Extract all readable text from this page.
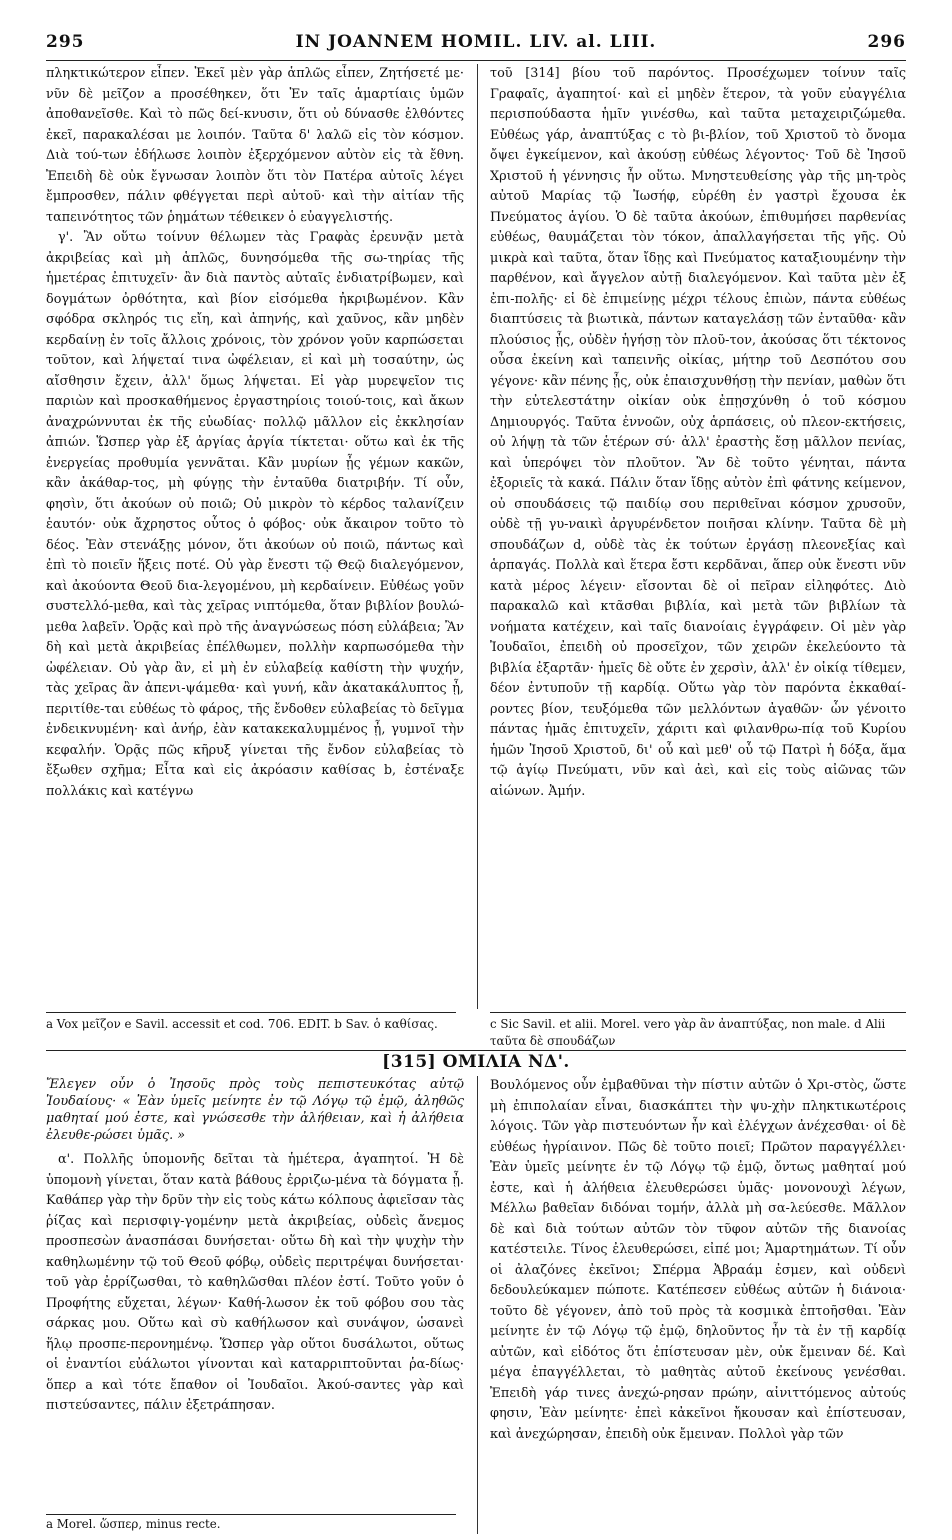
295	IN JOANNEM HOMIL. LIV. al. LIII.	296

πληκτικώτερον εἶπεν. Ἐκεῖ μὲν γὰρ ἁπλῶς εἶπεν, Ζητήσετέ με· νῦν δὲ μεῖζον a προσέθηκεν, ὅτι Ἐν ταῖς ἁμαρτίαις ὑμῶν ἀποθανεῖσθε. Καὶ τὸ πῶς δεί-κνυσιν, ὅτι οὐ δύνασθε ἐλθόντες ἐκεῖ, παρακαλέσαι με λοιπόν. Ταῦτα δ' λαλῶ εἰς τὸν κόσμον. Διὰ τού-των ἐδήλωσε λοιπὸν ἐξερχόμενον αὐτὸν εἰς τὰ ἔθνη. Ἐπειδὴ δὲ οὐκ ἔγνωσαν λοιπὸν ὅτι τὸν Πατέρα αὐτοῖς λέγει ἔμπροσθεν, πάλιν φθέγγεται περὶ αὐτοῦ· καὶ τὴν αἰτίαν τῆς ταπεινότητος τῶν ῥημάτων τέθεικεν ὁ εὐαγγελιστής.

γ'. Ἂν οὕτω τοίνυν θέλωμεν τὰς Γραφὰς ἐρευνᾷν μετὰ ἀκριβείας καὶ μὴ ἁπλῶς, δυνησόμεθα τῆς σω-τηρίας τῆς ἡμετέρας ἐπιτυχεῖν· ἂν διὰ παντὸς αὐταῖς ἐνδιατρίβωμεν, καὶ δογμάτων ὀρθότητα, καὶ βίον εἰσόμεθα ἠκριβωμένον. Κἂν σφόδρα σκληρός τις εἴη, καὶ ἀπηνής, καὶ χαῦνος, κἂν μηδὲν κερδαίνῃ ἐν τοῖς ἄλλοις χρόνοις, τὸν χρόνον γοῦν καρπώσεται τοῦτον, καὶ λήψεταί τινα ὠφέλειαν, εἰ καὶ μὴ τοσαύτην, ὡς αἴσθησιν ἔχειν, ἀλλ' ὅμως λήψεται. Εἰ γὰρ μυρεψεῖον τις παριὼν καὶ προσκαθήμενος ἐργαστηρίοις τοιού-τοις, καὶ ἄκων ἀναχρώννυται ἐκ τῆς εὐωδίας· πολλῷ μᾶλλον εἰς ἐκκλησίαν ἀπιών. Ὥσπερ γὰρ ἐξ ἀργίας ἀργία τίκτεται· οὕτω καὶ ἐκ τῆς ἐνεργείας προθυμία γεννᾶται. Κἂν μυρίων ᾖς γέμων κακῶν, κἂν ἀκάθαρ-τος, μὴ φύγῃς τὴν ἐνταῦθα διατριβήν. Τί οὖν, φησὶν, ὅτι ἀκούων οὐ ποιῶ; Οὐ μικρὸν τὸ κέρδος ταλανίζειν ἑαυτόν· οὐκ ἄχρηστος οὗτος ὁ φόβος· οὐκ ἄκαιρον τοῦτο τὸ δέος. Ἐὰν στενάξῃς μόνον, ὅτι ἀκούων οὐ ποιῶ, πάντως καὶ ἐπὶ τὸ ποιεῖν ἥξεις ποτέ. Οὐ γὰρ ἔνεστι τῷ Θεῷ διαλεγόμενον, καὶ ἀκούοντα Θεοῦ δια-λεγομένου, μὴ κερδαίνειν. Εὐθέως γοῦν συστελλό-μεθα, καὶ τὰς χεῖρας νιπτόμεθα, ὅταν βιβλίον βουλώ-μεθα λαβεῖν. Ὁρᾷς καὶ πρὸ τῆς ἀναγνώσεως πόση εὐλάβεια; Ἂν δὴ καὶ μετὰ ἀκριβείας ἐπέλθωμεν, πολλὴν καρπωσόμεθα τὴν ὠφέλειαν. Οὐ γὰρ ἂν, εἰ μὴ ἐν εὐλαβείᾳ καθίστη τὴν ψυχήν, τὰς χεῖρας ἂν ἀπενι-ψάμεθα· καὶ γυνή, κἂν ἀκατακάλυπτος ᾖ, περιτίθε-ται εὐθέως τὸ φάρος, τῆς ἔνδοθεν εὐλαβείας τὸ δεῖγμα ἐνδεικνυμένη· καὶ ἀνήρ, ἐὰν κατακεκαλυμμένος ᾖ, γυμνοῖ τὴν κεφαλήν. Ὁρᾷς πῶς κῆρυξ γίνεται τῆς ἔνδον εὐλαβείας τὸ ἔξωθεν σχῆμα; Εἶτα καὶ εἰς ἀκρόασιν καθίσας b, ἐστέναξε πολλάκις καὶ κατέγνω

τοῦ [314] βίου τοῦ παρόντος. Προσέχωμεν τοίνυν ταῖς Γραφαῖς, ἀγαπητοί· καὶ εἰ μηδὲν ἕτερον, τὰ γοῦν εὐαγγέλια περισπούδαστα ἡμῖν γινέσθω, καὶ ταῦτα μεταχειριζώμεθα. Εὐθέως γάρ, ἀναπτύξας c τὸ βι-βλίον, τοῦ Χριστοῦ τὸ ὄνομα ὄψει ἐγκείμενον, καὶ ἀκούσῃ εὐθέως λέγοντος· Τοῦ δὲ Ἰησοῦ Χριστοῦ ἡ γέννησις ἦν οὕτω. Μνηστευθείσης γὰρ τῆς μη-τρὸς αὐτοῦ Μαρίας τῷ Ἰωσήφ, εὑρέθη ἐν γαστρὶ ἔχουσα ἐκ Πνεύματος ἁγίου. Ὁ δὲ ταῦτα ἀκούων, ἐπιθυμήσει παρθενίας εὐθέως, θαυμάζεται τὸν τόκον, ἀπαλλαγήσεται τῆς γῆς. Οὐ μικρὰ καὶ ταῦτα, ὅταν ἴδῃς καὶ Πνεύματος καταξιουμένην τὴν παρθένον, καὶ ἄγγελον αὐτῇ διαλεγόμενον. Καὶ ταῦτα μὲν ἐξ ἐπι-πολῆς· εἰ δὲ ἐπιμείνῃς μέχρι τέλους ἐπιὼν, πάντα εὐθέως διαπτύσεις τὰ βιωτικὰ, πάντων καταγελάσῃ τῶν ἐνταῦθα· κἂν πλούσιος ᾖς, οὐδὲν ἡγήσῃ τὸν πλοῦ-τον, ἀκούσας ὅτι τέκτονος οὖσα ἐκείνη καὶ ταπεινῆς οἰκίας, μήτηρ τοῦ Δεσπότου σου γέγονε· κἂν πένης ᾖς, οὐκ ἐπαισχυνθήσῃ τὴν πενίαν, μαθὼν ὅτι τὴν εὐτελεστάτην οἰκίαν οὐκ ἐπῃσχύνθη ὁ τοῦ κόσμου Δημιουργός. Ταῦτα ἐννοῶν, οὐχ ἁρπάσεις, οὐ πλεον-εκτήσεις, οὐ λήψῃ τὰ τῶν ἑτέρων σύ· ἀλλ' ἐραστὴς ἔσῃ μᾶλλον πενίας, καὶ ὑπερόψει τὸν πλοῦτον. Ἂν δὲ τοῦτο γένηται, πάντα ἐξοριεῖς τὰ κακά. Πάλιν ὅταν ἴδῃς αὐτὸν ἐπὶ φάτνης κείμενον, οὐ σπουδάσεις τῷ παιδίῳ σου περιθεῖναι κόσμον χρυσοῦν, οὐδὲ τῇ γυ-ναικὶ ἀργυρένδετον ποιῆσαι κλίνην. Ταῦτα δὲ μὴ σπουδάζων d, οὐδὲ τὰς ἐκ τούτων ἐργάσῃ πλεονεξίας καὶ ἁρπαγάς. Πολλὰ καὶ ἕτερα ἔστι κερδᾶναι, ἅπερ οὐκ ἔνεστι νῦν κατὰ μέρος λέγειν· εἴσονται δὲ οἱ πεῖραν εἰληφότες. Διὸ παρακαλῶ καὶ κτᾶσθαι βιβλία, καὶ μετὰ τῶν βιβλίων τὰ νοήματα κατέχειν, καὶ ταῖς διανοίαις ἐγγράφειν. Οἱ μὲν γὰρ Ἰουδαῖοι, ἐπειδὴ οὐ προσεῖχον, τῶν χειρῶν ἐκελεύοντο τὰ βιβλία ἐξαρτᾶν· ἡμεῖς δὲ οὔτε ἐν χερσὶν, ἀλλ' ἐν οἰκίᾳ τίθεμεν, δέον ἐντυποῦν τῇ καρδίᾳ. Οὕτω γὰρ τὸν παρόντα ἐκκαθαί-ροντες βίον, τευξόμεθα τῶν μελλόντων ἀγαθῶν· ὧν γένοιτο πάντας ἡμᾶς ἐπιτυχεῖν, χάριτι καὶ φιλανθρω-πίᾳ τοῦ Κυρίου ἡμῶν Ἰησοῦ Χριστοῦ, δι' οὗ καὶ μεθ' οὗ τῷ Πατρὶ ἡ δόξα, ἅμα τῷ ἁγίῳ Πνεύματι, νῦν καὶ ἀεὶ, καὶ εἰς τοὺς αἰῶνας τῶν αἰώνων. Ἀμήν.

a Vox μεῖζον e Savil. accessit et cod. 706. EDIT. b Sav. ὁ καθίσας.	c Sic Savil. et alii. Morel. vero γὰρ ἂν ἀναπτύξας, non male. d Alii ταῦτα δὲ σπουδάζων

[315] ΟΜΙΛΙΑ ΝΔ'.

Ἔλεγεν οὖν ὁ Ἰησοῦς πρὸς τοὺς πεπιστευκότας αὐτῷ Ἰουδαίους· « Ἐὰν ὑμεῖς μείνητε ἐν τῷ Λόγῳ τῷ ἐμῷ, ἀληθῶς μαθηταί μού ἐστε, καὶ γνώσεσθε τὴν ἀλήθειαν, καὶ ἡ ἀλήθεια ἐλευθε-ρώσει ὑμᾶς. »

α'. Πολλῆς ὑπομονῆς δεῖται τὰ ἡμέτερα, ἀγαπητοί. Ἡ δὲ ὑπομονὴ γίνεται, ὅταν κατὰ βάθους ἐρριζω-μένα τὰ δόγματα ᾖ. Καθάπερ γὰρ τὴν δρῦν τὴν εἰς τοὺς κάτω κόλπους ἀφιεῖσαν τὰς ῥίζας καὶ περισφιγ-γομένην μετὰ ἀκριβείας, οὐδεὶς ἄνεμος προσπεσὼν ἀνασπάσαι δυνήσεται· οὕτω δὴ καὶ τὴν ψυχὴν τὴν καθηλωμένην τῷ τοῦ Θεοῦ φόβῳ, οὐδεὶς περιτρέψαι δυνήσεται· τοῦ γὰρ ἐρρίζωσθαι, τὸ καθηλῶσθαι πλέον ἐστί. Τοῦτο γοῦν ὁ Προφήτης εὔχεται, λέγων· Καθή-λωσον ἐκ τοῦ φόβου σου τὰς σάρκας μου. Οὕτω καὶ σὺ καθήλωσον καὶ συνάψον, ὡσανεὶ ἥλῳ προσπε-περονημένῳ. Ὥσπερ γὰρ οὕτοι δυσάλωτοι, οὕτως οἱ ἐναντίοι εὐάλωτοι γίνονται καὶ καταρριπτοῦνται ῥα-δίως· ὅπερ a καὶ τότε ἔπαθον οἱ Ἰουδαῖοι. Ἀκού-σαντες γὰρ καὶ πιστεύσαντες, πάλιν ἐξετράπησαν.

a Morel. ὥσπερ, minus recte.

Βουλόμενος οὖν ἐμβαθῦναι τὴν πίστιν αὐτῶν ὁ Χρι-στὸς, ὥστε μὴ ἐπιπολαίαν εἶναι, διασκάπτει τὴν ψυ-χὴν πληκτικωτέροις λόγοις. Τῶν γὰρ πιστευόντων ἦν καὶ ἐλέγχων ἀνέχεσθαι· οἱ δὲ εὐθέως ἠγρίαινον. Πῶς δὲ τοῦτο ποιεῖ; Πρῶτον παραγγέλλει· Ἐὰν ὑμεῖς μείνητε ἐν τῷ Λόγῳ τῷ ἐμῷ, ὄντως μαθηταί μού ἐστε, καὶ ἡ ἀλήθεια ἐλευθερώσει ὑμᾶς· μονονουχὶ λέγων, Μέλλω βαθεῖαν διδόναι τομήν, ἀλλὰ μὴ σα-λεύεσθε. Μᾶλλον δὲ καὶ διὰ τούτων αὐτῶν τὸν τῦφον αὐτῶν τῆς διανοίας κατέστειλε. Τίνος ἐλευθερώσει, εἰπέ μοι; Ἁμαρτημάτων. Τί οὖν οἱ ἀλαζόνες ἐκεῖνοι; Σπέρμα Ἀβραάμ ἐσμεν, καὶ οὐδενὶ δεδουλεύκαμεν πώποτε. Κατέπεσεν εὐθέως αὐτῶν ἡ διάνοια· τοῦτο δὲ γέγονεν, ἀπὸ τοῦ πρὸς τὰ κοσμικὰ ἐπτοῆσθαι. Ἐὰν μείνητε ἐν τῷ Λόγῳ τῷ ἐμῷ, δηλοῦντος ἦν τὰ ἐν τῇ καρδίᾳ αὐτῶν, καὶ εἰδότος ὅτι ἐπίστευσαν μὲν, οὐκ ἔμειναν δέ. Καὶ μέγα ἐπαγγέλλεται, τὸ μαθητὰς αὐτοῦ ἐκείνους γενέσθαι. Ἐπειδὴ γάρ τινες ἀνεχώ-ρησαν πρώην, αἰνιττόμενος αὐτούς φησιν, Ἐὰν μείνητε· ἐπεὶ κἀκεῖνοι ἤκουσαν καὶ ἐπίστευσαν, καὶ ἀνεχώρησαν, ἐπειδὴ οὐκ ἔμειναν. Πολλοὶ γὰρ τῶν
